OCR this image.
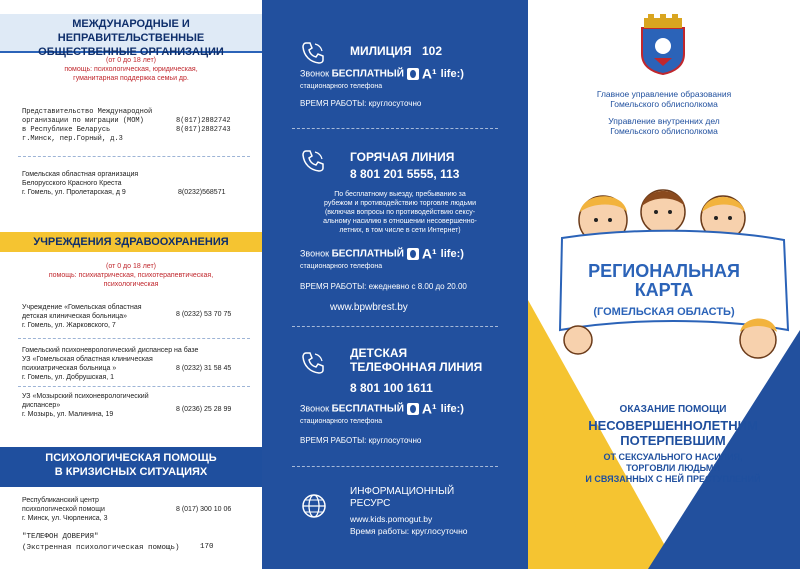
МЕЖДУНАРОДНЫЕ И НЕПРАВИТЕЛЬСТВЕННЫЕ
ОБЩЕСТВЕННЫЕ ОРГАНИЗАЦИИ
(от 0 до 18 лет)
помощь: психологическая, юридическая,
гуманитарная поддержка семьи др.
Представительство Международной
организации по миграции (МОМ)
в Республике Беларусь
г.Минск, пер.Горный, д.3
8(017)2882742
8(017)2882743
Гомельская областная организация
Белорусского Красного Креста
г. Гомель, ул. Пролетарская, д 9	8(0232)568571
УЧРЕЖДЕНИЯ ЗДРАВООХРАНЕНИЯ
(от 0 до 18 лет)
помощь: психиатрическая, психотерапевтическая,
психологическая
Учреждение «Гомельская областная
детская клиническая больница»
г. Гомель, ул. Жарковского, 7
8 (0232) 53 70 75
Гомельский психоневрологический диспансер на базе
УЗ «Гомельская областная клиническая
психиатрическая больница »
г. Гомель, ул. Добрушская, 1
8 (0232) 31 58 45
УЗ «Мозырский психоневрологический
диспансер»
г. Мозырь, ул. Малинина, 19
8 (0236) 25 28 99
ПСИХОЛОГИЧЕСКАЯ ПОМОЩЬ
В КРИЗИСНЫХ СИТУАЦИЯХ
Республиканский центр
психологической помощи
г. Минск, ул. Чюрлениса, 3
8 (017) 300 10 06
"ТЕЛЕФОН ДОВЕРИЯ"
(Экстренная психологическая помощь)	170
МИЛИЦИЯ 102
Звонок БЕСПЛАТНЫЙ A¹ life:)
стационарного телефона
ВРЕМЯ РАБОТЫ: круглосуточно
ГОРЯЧАЯ ЛИНИЯ
8 801 201 5555, 113
По бесплатному выезду, пребыванию за
рубежом и противодействию торговле людьми
(включая вопросы по противодействию сексу-
альному насилию в отношении несовершенно-
летних, в том числе в сети Интернет)
Звонок БЕСПЛАТНЫЙ A¹ life:)
стационарного телефона
ВРЕМЯ РАБОТЫ: ежедневно с 8.00 до 20.00
www.bpwbrest.by
ДЕТСКАЯ
ТЕЛЕФОННАЯ ЛИНИЯ
8 801 100 1611
Звонок БЕСПЛАТНЫЙ A¹ life:)
стационарного телефона
ВРЕМЯ РАБОТЫ: круглосуточно
ИНФОРМАЦИОННЫЙ
РЕСУРС
www.kids.pomogut.by
Время работы: круглосуточно
Главное управление образования
Гомельского облисполкома
Управление внутренних дел
Гомельского облисполкома
РЕГИОНАЛЬНАЯ
КАРТА
(ГОМЕЛЬСКАЯ ОБЛАСТЬ)
ОКАЗАНИЕ ПОМОЩИ
НЕСОВЕРШЕННОЛЕТНИМ
ПОТЕРПЕВШИМ
ОТ СЕКСУАЛЬНОГО НАСИЛИЯ,
ТОРГОВЛИ ЛЮДЬМИ
И СВЯЗАННЫХ С НЕЙ ПРЕСТУПЛЕНИЙ
